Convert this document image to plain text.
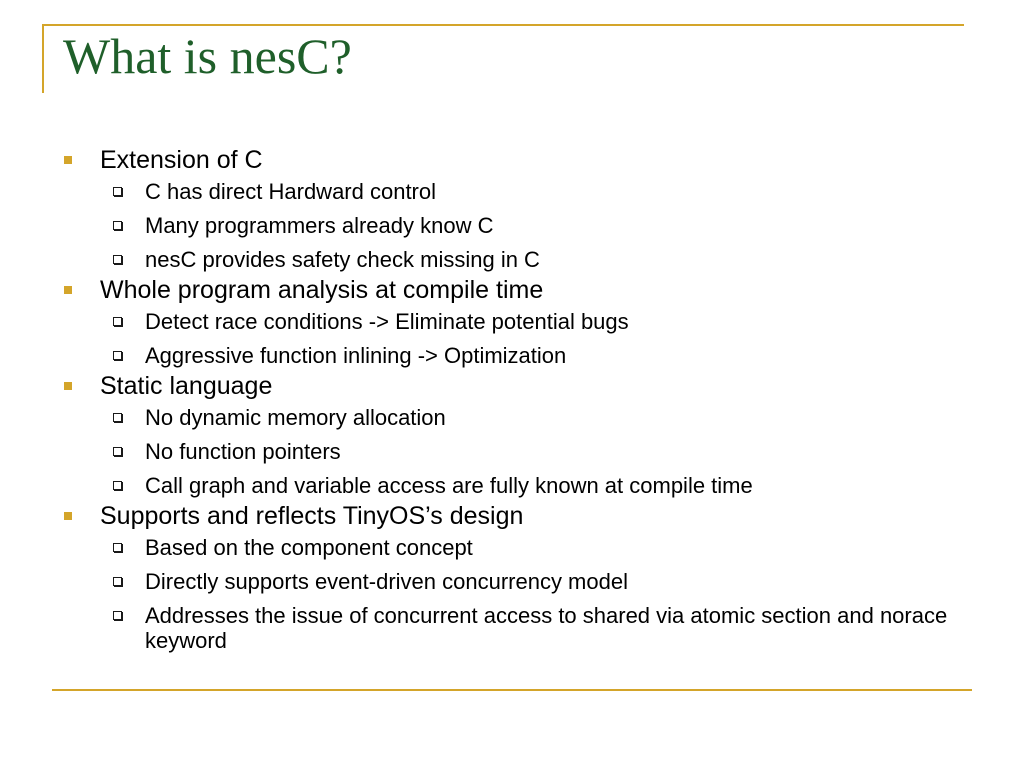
What is nesC?
Extension of C
C has direct Hardward control
Many programmers already know C
nesC provides safety check missing in C
Whole program analysis at compile time
Detect race conditions -> Eliminate potential bugs
Aggressive function inlining -> Optimization
Static language
No dynamic memory allocation
No function pointers
Call graph and variable access are fully known at compile time
Supports and reflects TinyOS’s design
Based on the component concept
Directly supports event-driven concurrency model
Addresses the issue of concurrent access to shared via atomic section and norace keyword
